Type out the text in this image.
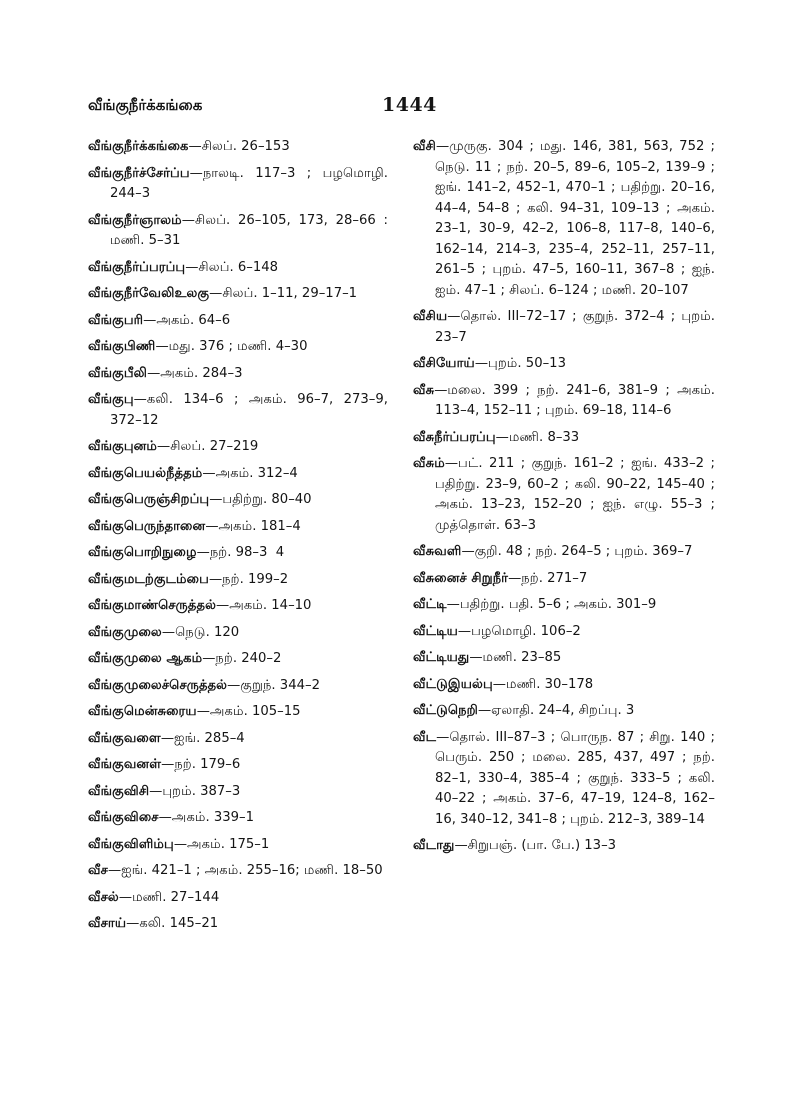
வீங்குநீர்க்கங்கை	1444
வீங்குநீர்க்கங்கை—சிலப். 26–153
வீங்குநீர்ச்சேர்ப்ப—நாலடி. 117–3 ; பழமொழி. 244–3
வீங்குநீர்ஞாலம்—சிலப். 26–105, 173, 28–66 : மணி. 5–31
வீங்குநீர்ப்பரப்பு—சிலப். 6–148
வீங்குநீர்வேலிஉலகு—சிலப். 1–11, 29–17–1
வீங்குபரி—அகம். 64–6
வீங்குபிணி—மது. 376 ; மணி. 4–30
வீங்குபீலி—அகம். 284–3
வீங்குபு—கலி. 134–6 ; அகம். 96–7, 273–9, 372–12
வீங்குபுனம்—சிலப். 27–219
வீங்குபெயல்நீத்தம்—அகம். 312–4
வீங்குபெருஞ்சிறப்பு—பதிற்று. 80–40
வீங்குபெருந்தானை—அகம். 181–4
வீங்குபொறிநுழை—நற். 98–3 ‌ 4
வீங்குமடற்குடம்பை—நற். 199–2
வீங்குமாண்செருத்தல்—அகம். 14–10
வீங்குமுலை—நெடு. 120
வீங்குமுலை ஆகம்—நற். 240–2
வீங்குமுலைச்செருத்தல்—குறுந். 344–2
வீங்குமென்சுரைய—அகம். 105–15
வீங்குவளை—ஐங். 285–4
வீங்குவனள்—நற். 179–6
வீங்குவிசி—புறம். 387–3
வீங்குவிசை—அகம். 339–1
வீங்குவிளிம்பு—அகம். 175–1
வீச—ஐங். 421–1 ; அகம். 255–16; மணி. 18–50
வீசல்—மணி. 27–144
வீசாய்—கலி. 145–21
வீசி—முருகு. 304 ; மது. 146, 381, 563, 752 ; நெடு. 11 ; நற். 20–5, 89–6, 105–2, 139–9 ; ஐங். 141–2, 452–1, 470–1 ; பதிற்று. 20–16, 44–4, 54–8 ; கலி. 94–31, 109–13 ; அகம். 23–1, 30–9, 42–2, 106–8, 117–8, 140–6, 162–14, 214–3, 235–4, 252–11, 257–11, 261–5 ; புறம். 47–5, 160–11, 367–8 ; ஐந். ஐம். 47–1 ; சிலப். 6–124 ; மணி. 20–107
வீசிய—தொல். III–72–17 ; குறுந். 372–4 ; புறம். 23–7
வீசியோய்—புறம். 50–13
வீசு—மலை. 399 ; நற். 241–6, 381–9 ; அகம். 113–4, 152–11 ; புறம். 69–18, 114–6
வீசுநீர்ப்பரப்பு—மணி. 8–33
வீசும்—பட். 211 ; குறுந். 161–2 ; ஐங். 433–2 ; பதிற்று. 23–9, 60–2 ; கலி. 90–22, 145–40 ; அகம். 13–23, 152–20 ; ஐந். எழு. 55–3 ; முத்தொள். 63–3
வீசுவளி—குறி. 48 ; நற். 264–5 ; புறம். 369–7
வீசுனைச் சிறுநீர்—நற். 271–7
வீட்டி—பதிற்று. பதி. 5–6 ; அகம். 301–9
வீட்டிய—பழமொழி. 106–2
வீட்டியது—மணி. 23–85
வீட்டுஇயல்பு—மணி. 30–178
வீட்டுநெறி—ஏலாதி. 24–4, சிறப்பு. 3
வீட—தொல். III–87–3 ; பொருந. 87 ; சிறு. 140 ; பெரும். 250 ; மலை. 285, 437, 497 ; நற். 82–1, 330–4, 385–4 ; குறுந். 333–5 ; கலி. 40–22 ; அகம். 37–6, 47–19, 124–8, 162–16, 340–12, 341–8 ; புறம். 212–3, 389–14
வீடாது—சிறுபஞ். (பா. பே.) 13–3
